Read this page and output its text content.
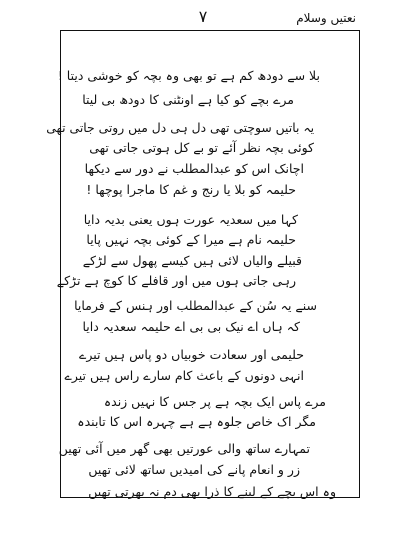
نعتیں وسلام
۷
بلا سے دودھ کم ہے تو بھی وہ بچہ کو خوشی دیتا !
مرے بچے کو کیا ہے اونٹنی کا دودھ بی لیتا
یہ باتیں سوچتی تھی دل ہی دل میں روتی جاتی تھی
کوئی بچہ نظر آئے تو بے کل ہوتی جاتی تھی
اچانک اس کو عبدالمطلب نے دور سے دیکھا
حلیمہ کو بلا یا رنج و غم کا ماجرا پوچھا !
کہا میں سعدیہ عورت ہوں یعنی بدیہ دایا
حلیمہ نام ہے میرا کے کوئی بچہ نہیں پایا
قبیلے والیاں لائی ہیں کیسے پھول سے لڑکے
رہی جاتی ہوں میں اور قافلے کا کوچ ہے تڑکے
سنے یہ سُن کے عبدالمطلب اور ہنس کے فرمایا
کہ ہاں اے نیک بی بی اے حلیمہ سعدیہ دایا
حلیمی اور سعادت خوبیاں دو پاس ہیں تیرے
انہی دونوں کے باعث کام سارے راس ہیں تیرے
مرے پاس ایک بچہ ہے پر جس کا نہیں زندہ
مگر اک خاص جلوہ ہے ہے چہرہ اس کا تابندہ
تمہارے ساتھ والی عورتیں بھی گھر میں آئی تھیں
زر و انعام پانے کی امیدیں ساتھ لائی تھیں
وہ اس بچے کے لینے کا ذرا بھی دم نہ بھرتی تھیں
